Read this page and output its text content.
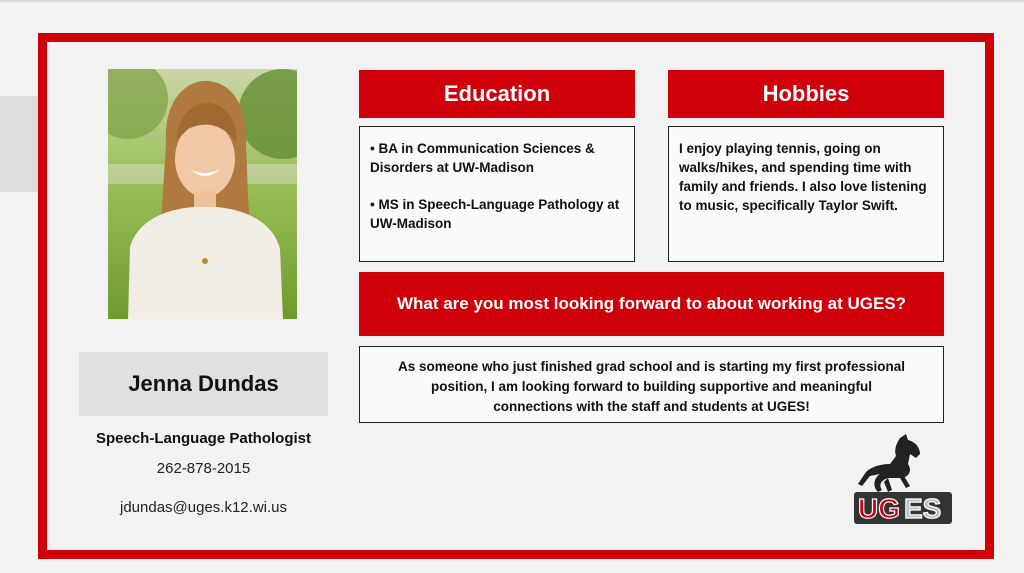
Jenna Dundas
Speech-Language Pathologist
262-878-2015
jdundas@uges.k12.wi.us
Education

• BA in Communication Sciences & Disorders at UW-Madison

• MS in Speech-Language Pathology at UW-Madison

Hobbies
I enjoy playing tennis, going on walks/hikes, and spending time with family and friends. I also love listening to music, specifically Taylor Swift.
What are you most looking forward to about working at UGES?
As someone who just finished grad school and is starting my first professional position, I am looking forward to building supportive and meaningful connections with the staff and students at UGES!
UG ES
